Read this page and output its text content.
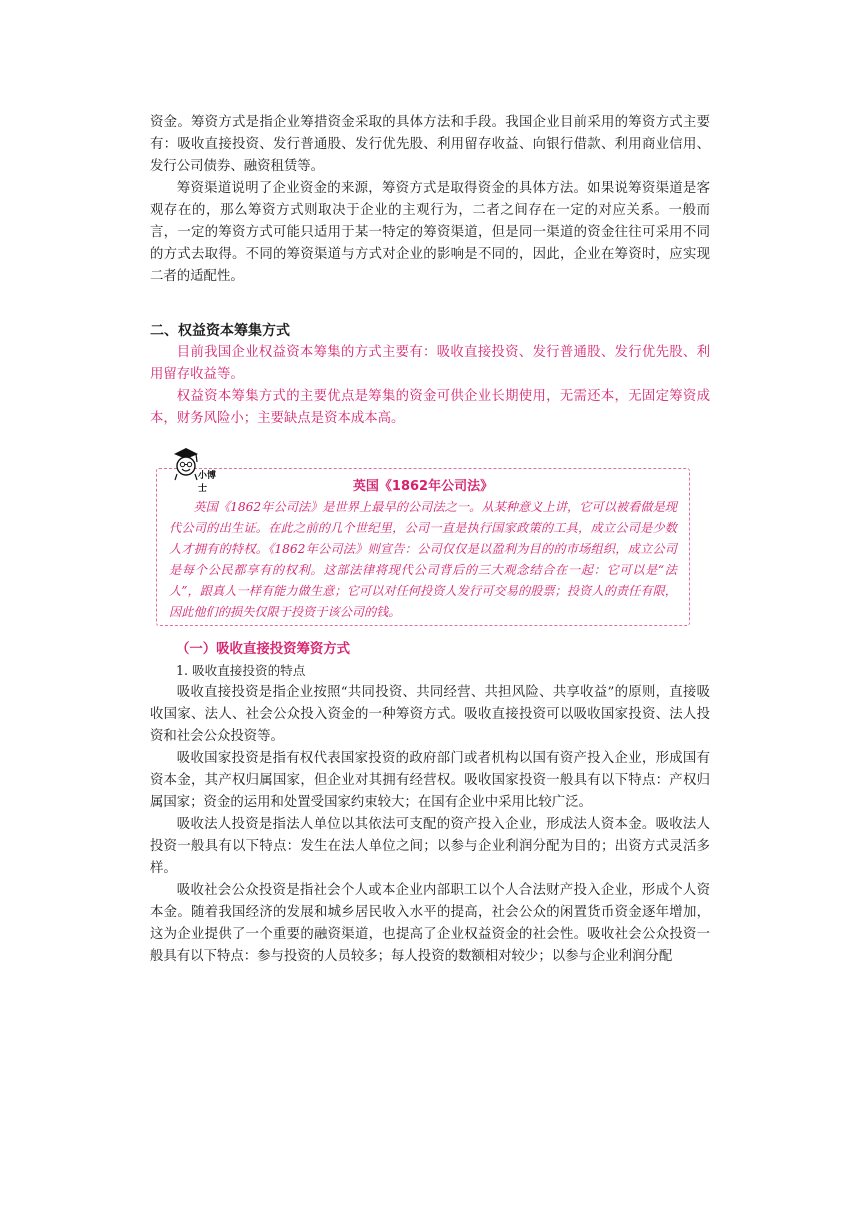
资金。筹资方式是指企业筹措资金采取的具体方法和手段。我国企业目前采用的筹资方式主要有：吸收直接投资、发行普通股、发行优先股、利用留存收益、向银行借款、利用商业信用、发行公司债券、融资租赁等。

筹资渠道说明了企业资金的来源，筹资方式是取得资金的具体方法。如果说筹资渠道是客观存在的，那么筹资方式则取决于企业的主观行为，二者之间存在一定的对应关系。一般而言，一定的筹资方式可能只适用于某一特定的筹资渠道，但是同一渠道的资金往往可采用不同的方式去取得。不同的筹资渠道与方式对企业的影响是不同的，因此，企业在筹资时，应实现二者的适配性。

二、权益资本筹集方式

目前我国企业权益资本筹集的方式主要有：吸收直接投资、发行普通股、发行优先股、利用留存收益等。

权益资本筹集方式的主要优点是筹集的资金可供企业长期使用，无需还本，无固定筹资成本，财务风险小；主要缺点是资本成本高。

英国《1862年公司法》
英国《1862年公司法》是世界上最早的公司法之一。从某种意义上讲，它可以被看做是现代公司的出生证。在此之前的几个世纪里，公司一直是执行国家政策的工具，成立公司是少数人才拥有的特权。《1862年公司法》则宣告：公司仅仅是以盈利为目的的市场组织，成立公司是每个公民都享有的权利。这部法律将现代公司背后的三大观念结合在一起：它可以是“法人”，跟真人一样有能力做生意；它可以对任何投资人发行可交易的股票；投资人的责任有限，因此他们的损失仅限于投资于该公司的钱。
小博士
（一）吸收直接投资筹资方式

1. 吸收直接投资的特点

吸收直接投资是指企业按照“共同投资、共同经营、共担风险、共享收益”的原则，直接吸收国家、法人、社会公众投入资金的一种筹资方式。吸收直接投资可以吸收国家投资、法人投资和社会公众投资等。

吸收国家投资是指有权代表国家投资的政府部门或者机构以国有资产投入企业，形成国有资本金，其产权归属国家，但企业对其拥有经营权。吸收国家投资一般具有以下特点：产权归属国家；资金的运用和处置受国家约束较大；在国有企业中采用比较广泛。

吸收法人投资是指法人单位以其依法可支配的资产投入企业，形成法人资本金。吸收法人投资一般具有以下特点：发生在法人单位之间；以参与企业利润分配为目的；出资方式灵活多样。

吸收社会公众投资是指社会个人或本企业内部职工以个人合法财产投入企业，形成个人资本金。随着我国经济的发展和城乡居民收入水平的提高，社会公众的闲置货币资金逐年增加，这为企业提供了一个重要的融资渠道，也提高了企业权益资金的社会性。吸收社会公众投资一般具有以下特点：参与投资的人员较多；每人投资的数额相对较少；以参与企业利润分配
